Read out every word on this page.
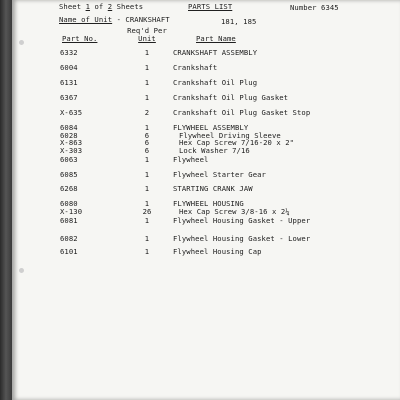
Sheet 1 of 2 Sheets	PARTS LIST	Number 6345
Name of Unit - CRANKSHAFT	181, 185
Part No.
Req'd Per
Unit	Part Name
6332	1	CRANKSHAFT ASSEMBLY
6004	1	Crankshaft
6131	1	Crankshaft Oil Plug
6367	1	Crankshaft Oil Plug Gasket
X-635	2	Crankshaft Oil Plug Gasket Stop
6084	1	FLYWHEEL ASSEMBLY
6028	6	Flywheel Driving Sleeve
X-863	6	Hex Cap Screw 7/16-20 x 2"
X-303	6	Lock Washer 7/16
6063	1	Flywheel
6085	1	Flywheel Starter Gear
6268	1	STARTING CRANK JAW
6080	1	FLYWHEEL HOUSING
X-130	26	Hex Cap Screw 3/8-16 x 2¼
6081	1	Flywheel Housing Gasket - Upper
6082	1	Flywheel Housing Gasket - Lower
6101	1	Flywheel Housing Cap
